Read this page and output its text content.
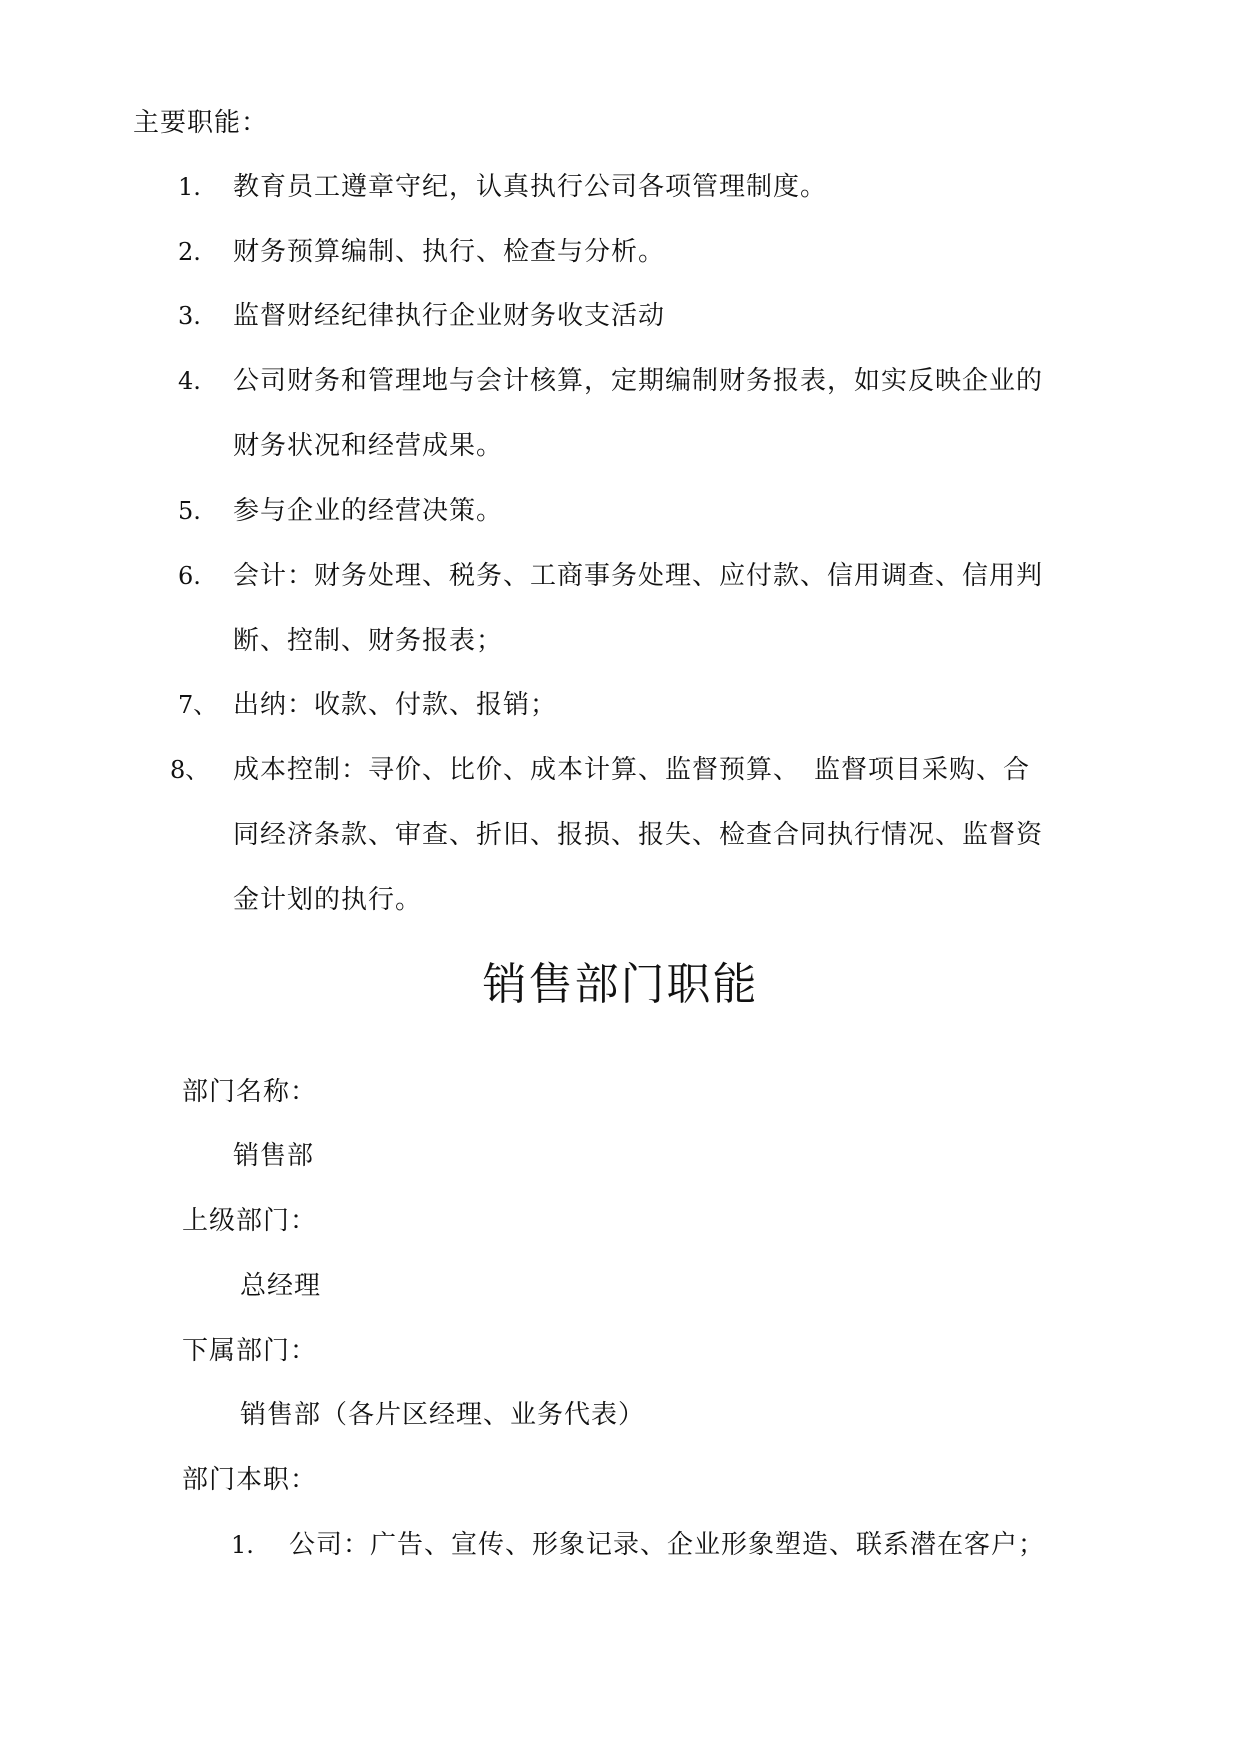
主要职能：
1. 教育员工遵章守纪，认真执行公司各项管理制度。
2. 财务预算编制、执行、检查与分析。
3. 监督财经纪律执行企业财务收支活动
4. 公司财务和管理地与会计核算，定期编制财务报表，如实反映企业的
财务状况和经营成果。
5. 参与企业的经营决策。
6. 会计：财务处理、税务、工商事务处理、应付款、信用调查、信用判
断、控制、财务报表；
7、 出纳：收款、付款、报销；
8、 成本控制：寻价、比价、成本计算、监督预算、　监督项目采购、合
同经济条款、审查、折旧、报损、报失、检查合同执行情况、监督资
金计划的执行。
销售部门职能
部门名称：
销售部
上级部门：
总经理
下属部门：
销售部（各片区经理、业务代表）
部门本职：
1. 公司：广告、宣传、形象记录、企业形象塑造、联系潜在客户；
